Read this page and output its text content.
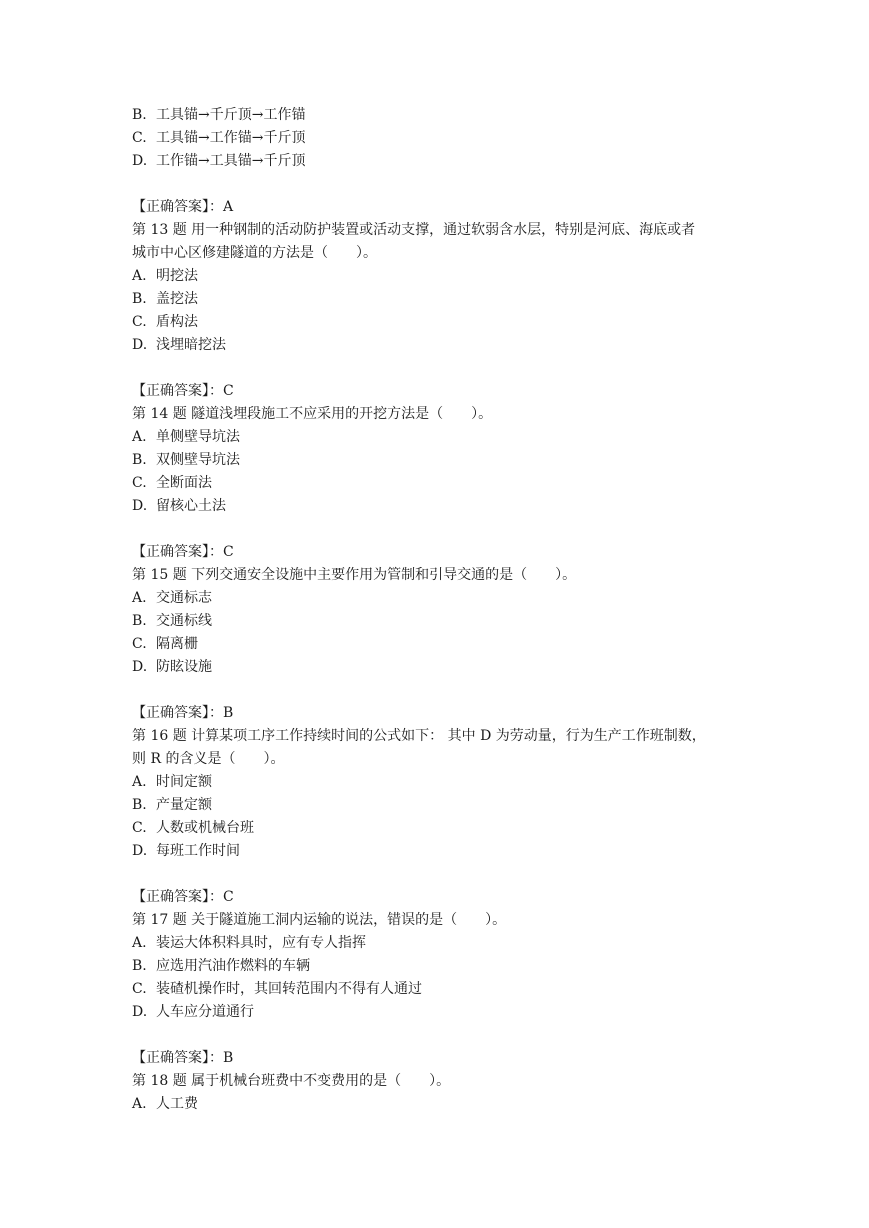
B. 工具锚→千斤顶→工作锚
C. 工具锚→工作锚→千斤顶
D. 工作锚→工具锚→千斤顶
【正确答案】：A
第 13 题 用一种钢制的活动防护装置或活动支撑，通过软弱含水层，特别是河底、海底或者
城市中心区修建隧道的方法是（　　）。
A. 明挖法
B. 盖挖法
C. 盾构法
D. 浅埋暗挖法
【正确答案】：C
第 14 题 隧道浅埋段施工不应采用的开挖方法是（　　）。
A. 单侧壁导坑法
B. 双侧壁导坑法
C. 全断面法
D. 留核心土法
【正确答案】：C
第 15 题 下列交通安全设施中主要作用为管制和引导交通的是（　　）。
A. 交通标志
B. 交通标线
C. 隔离栅
D. 防眩设施
【正确答案】：B
第 16 题 计算某项工序工作持续时间的公式如下： 其中 D 为劳动量，行为生产工作班制数，
则 R 的含义是（　　）。
A. 时间定额
B. 产量定额
C. 人数或机械台班
D. 每班工作时间
【正确答案】：C
第 17 题 关于隧道施工洞内运输的说法，错误的是（　　）。
A. 装运大体积料具时，应有专人指挥
B. 应选用汽油作燃料的车辆
C. 装碴机操作时，其回转范围内不得有人通过
D. 人车应分道通行
【正确答案】：B
第 18 题 属于机械台班费中不变费用的是（　　）。
A. 人工费
